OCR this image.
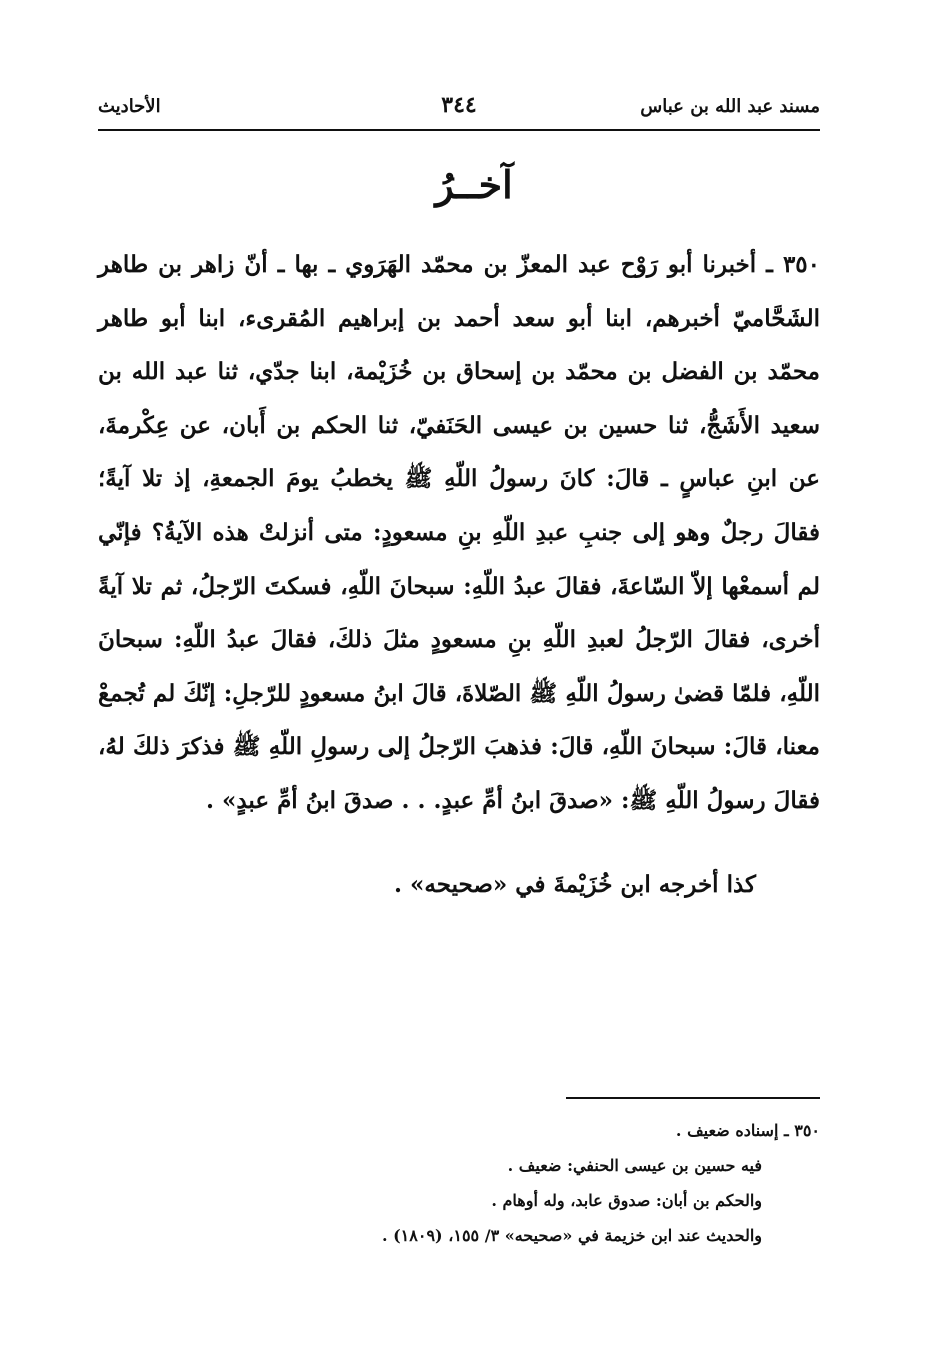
مسند عبد الله بن عباس
٣٤٤
الأحاديث
آخــرُ
٣٥٠ ـ أخبرنا أبو رَوْح عبد المعزّ بن محمّد الهَرَوي ـ بها ـ أنّ زاهر بن طاهر الشَحَّاميّ أخبرهم، ابنا أبو سعد أحمد بن إبراهيم المُقرىء، ابنا أبو طاهر محمّد بن الفضل بن محمّد بن إسحاق بن خُزَيْمة، ابنا جدّي، ثنا عبد الله بن سعيد الأَشَجُّ، ثنا حسين بن عيسى الحَنَفيّ، ثنا الحكم بن أَبان، عن عِكْرمةَ، عن ابنِ عباسٍ ـ قالَ: كانَ رسولُ اللّهِ ﷺ يخطبُ يومَ الجمعةِ، إذ تلا آيةً؛ فقالَ رجلٌ وهو إلى جنبِ عبدِ اللّهِ بنِ مسعودٍ: متى أنزلتْ هذه الآيةُ؟ فإنّي لم أسمعْها إلاّ السّاعةَ، فقالَ عبدُ اللّهِ: سبحانَ اللّهِ، فسكتَ الرّجلُ، ثم تلا آيةً أخرى، فقالَ الرّجلُ لعبدِ اللّهِ بنِ مسعودٍ مثلَ ذلكَ، فقالَ عبدُ اللّهِ: سبحانَ اللّهِ، فلمّا قضىٰ رسولُ اللّهِ ﷺ الصّلاةَ، قالَ ابنُ مسعودٍ للرّجلِ: إنّكَ لم تُجمعْ معنا، قالَ: سبحانَ اللّهِ، قالَ: فذهبَ الرّجلُ إلى رسولِ اللّهِ ﷺ فذكرَ ذلكَ لهُ، فقالَ رسولُ اللّهِ ﷺ: «صدقَ ابنُ أمِّ عبدٍ. . . صدقَ ابنُ أمِّ عبدٍ» .
كذا أخرجه ابن خُزَيْمةَ في «صحيحه» .
٣٥٠ ـ إسناده ضعيف .
فيه حسين بن عيسى الحنفي: ضعيف .
والحكم بن أبان: صدوق عابد، وله أوهام .
والحديث عند ابن خزيمة في «صحيحه» ٣/ ١٥٥، (١٨٠٩) .
